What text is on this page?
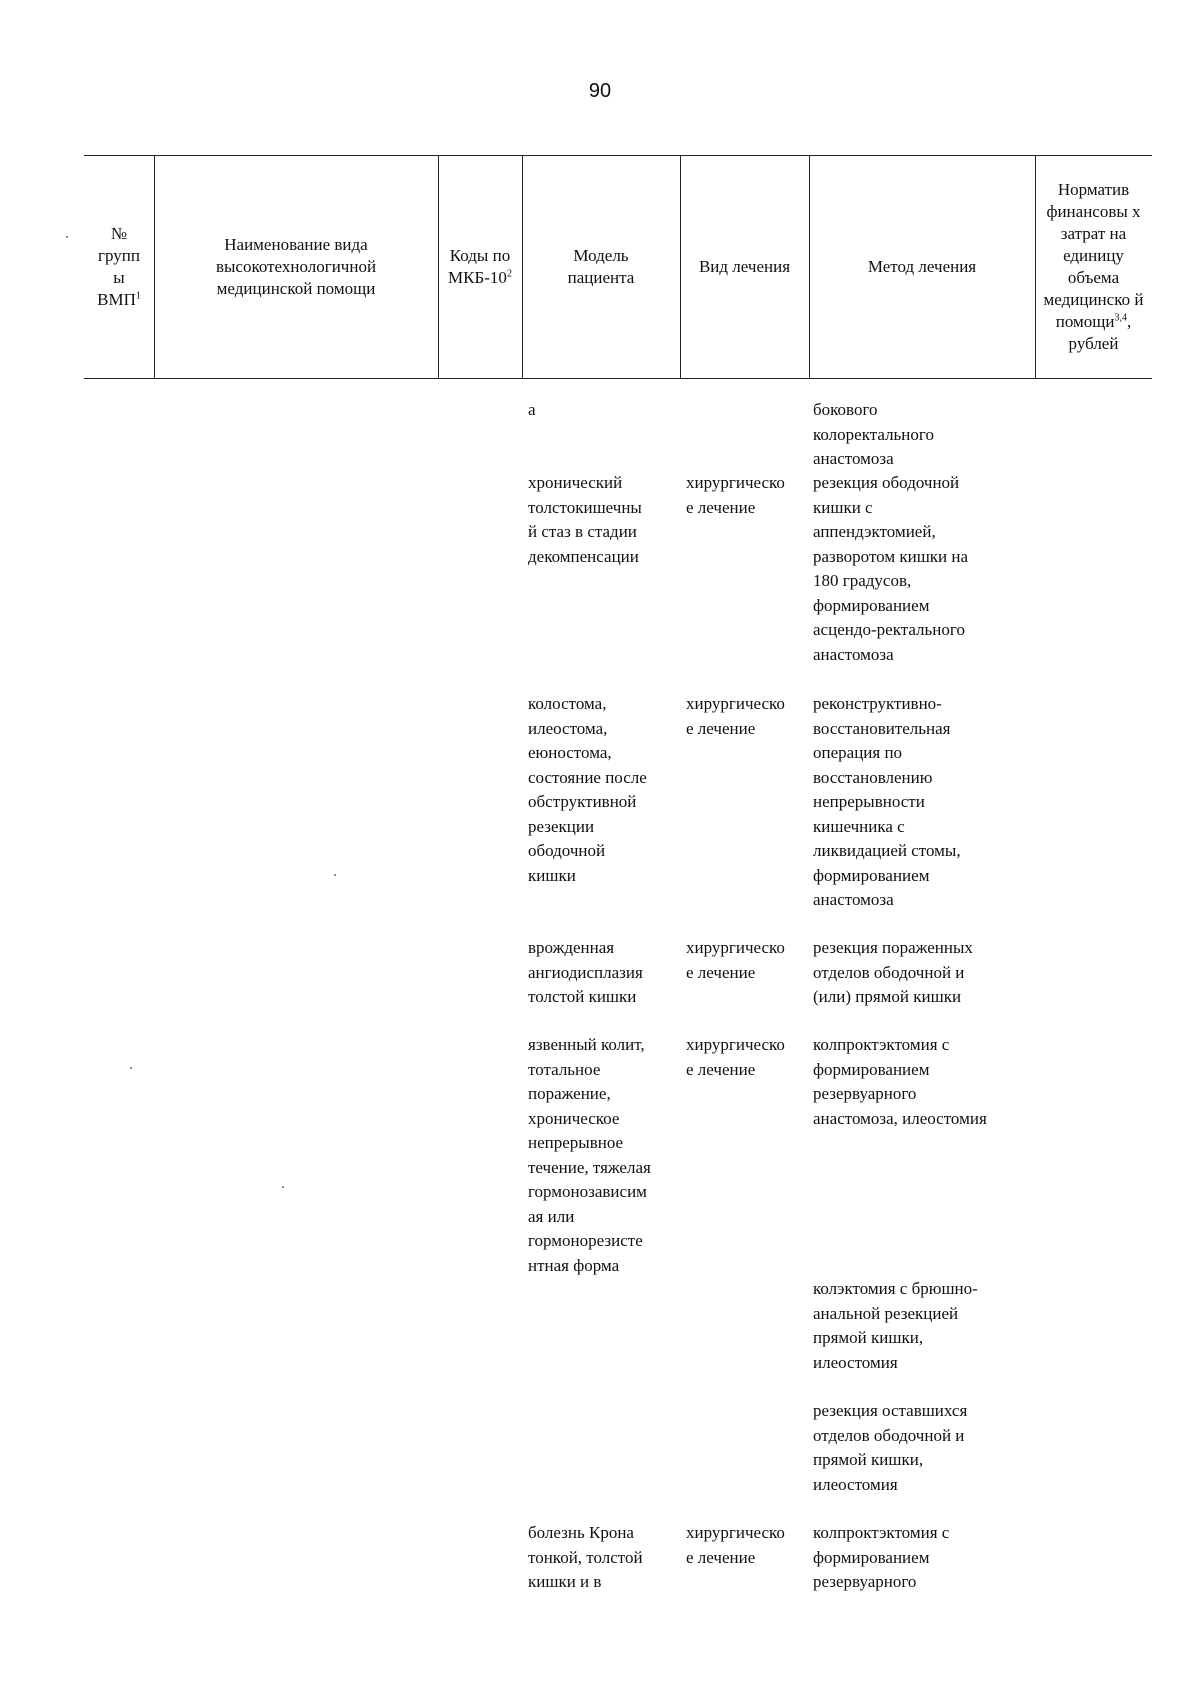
90
№
групп
ы
ВМП$^1$
Наименование вида высокотехнологичной медицинской помощи
Коды по МКБ-$10^2$
Модель пациента
Вид лечения	Метод лечения
Норматив финансовы х затрат на единицу объема медицинско й помощи$^{3,4}$, рублей
а	бокового
колоректального
анастомоза
хронический
толстокишечны
й стаз в стадии
декомпенсации
хирургическо
е лечение
резекция ободочной
кишки с
аппендэктомией,
разворотом кишки на
180 градусов,
формированием
асцендо-ректального
анастомоза
колостома,
илеостома,
еюностома,
состояние после
обструктивной
резекции
ободочной
кишки
хирургическо
е лечение
реконструктивно-
восстановительная
операция по
восстановлению
непрерывности
кишечника с
ликвидацией стомы,
формированием
анастомоза
врожденная
ангиодисплазия
толстой кишки
хирургическо
е лечение
резекция пораженных
отделов ободочной и
(или) прямой кишки
язвенный колит,
тотальное
поражение,
хроническое
непрерывное
течение, тяжелая
гормонозависим
ая или
гормонорезисте
нтная форма
хирургическо
е лечение
колпроктэктомия с
формированием
резервуарного
анастомоза, илеостомия
колэктомия с брюшно-
анальной резекцией
прямой кишки,
илеостомия
резекция оставшихся
отделов ободочной и
прямой кишки,
илеостомия
болезнь Крона
тонкой, толстой
кишки и в
хирургическо
е лечение
колпроктэктомия с
формированием
резервуарного
